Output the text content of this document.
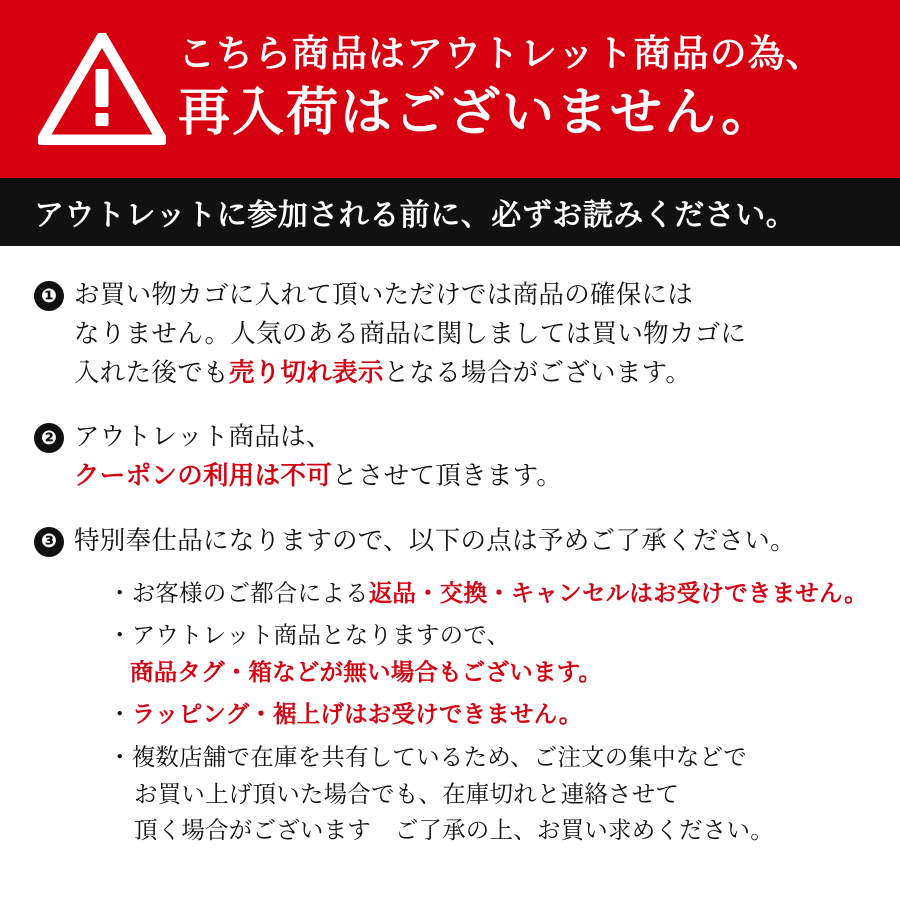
こちら商品はアウトレット商品の為、
再入荷はございません。
アウトレットに参加される前に、必ずお読みください。
❶ お買い物カゴに入れて頂いただけでは商品の確保には
なりません。人気のある商品に関しましては買い物カゴに
入れた後でも売り切れ表示となる場合がございます。
❷ アウトレット商品は、
クーポンの利用は不可とさせて頂きます。
❸ 特別奉仕品になりますので、以下の点は予めご了承ください。
・お客様のご都合による返品・交換・キャンセルはお受けできません。
・アウトレット商品となりますので、
商品タグ・箱などが無い場合もございます。
・ラッピング・裾上げはお受けできません。
・複数店舗で在庫を共有しているため、ご注文の集中などで
お買い上げ頂いた場合でも、在庫切れと連絡させて
頂く場合がございます　ご了承の上、お買い求めください。
